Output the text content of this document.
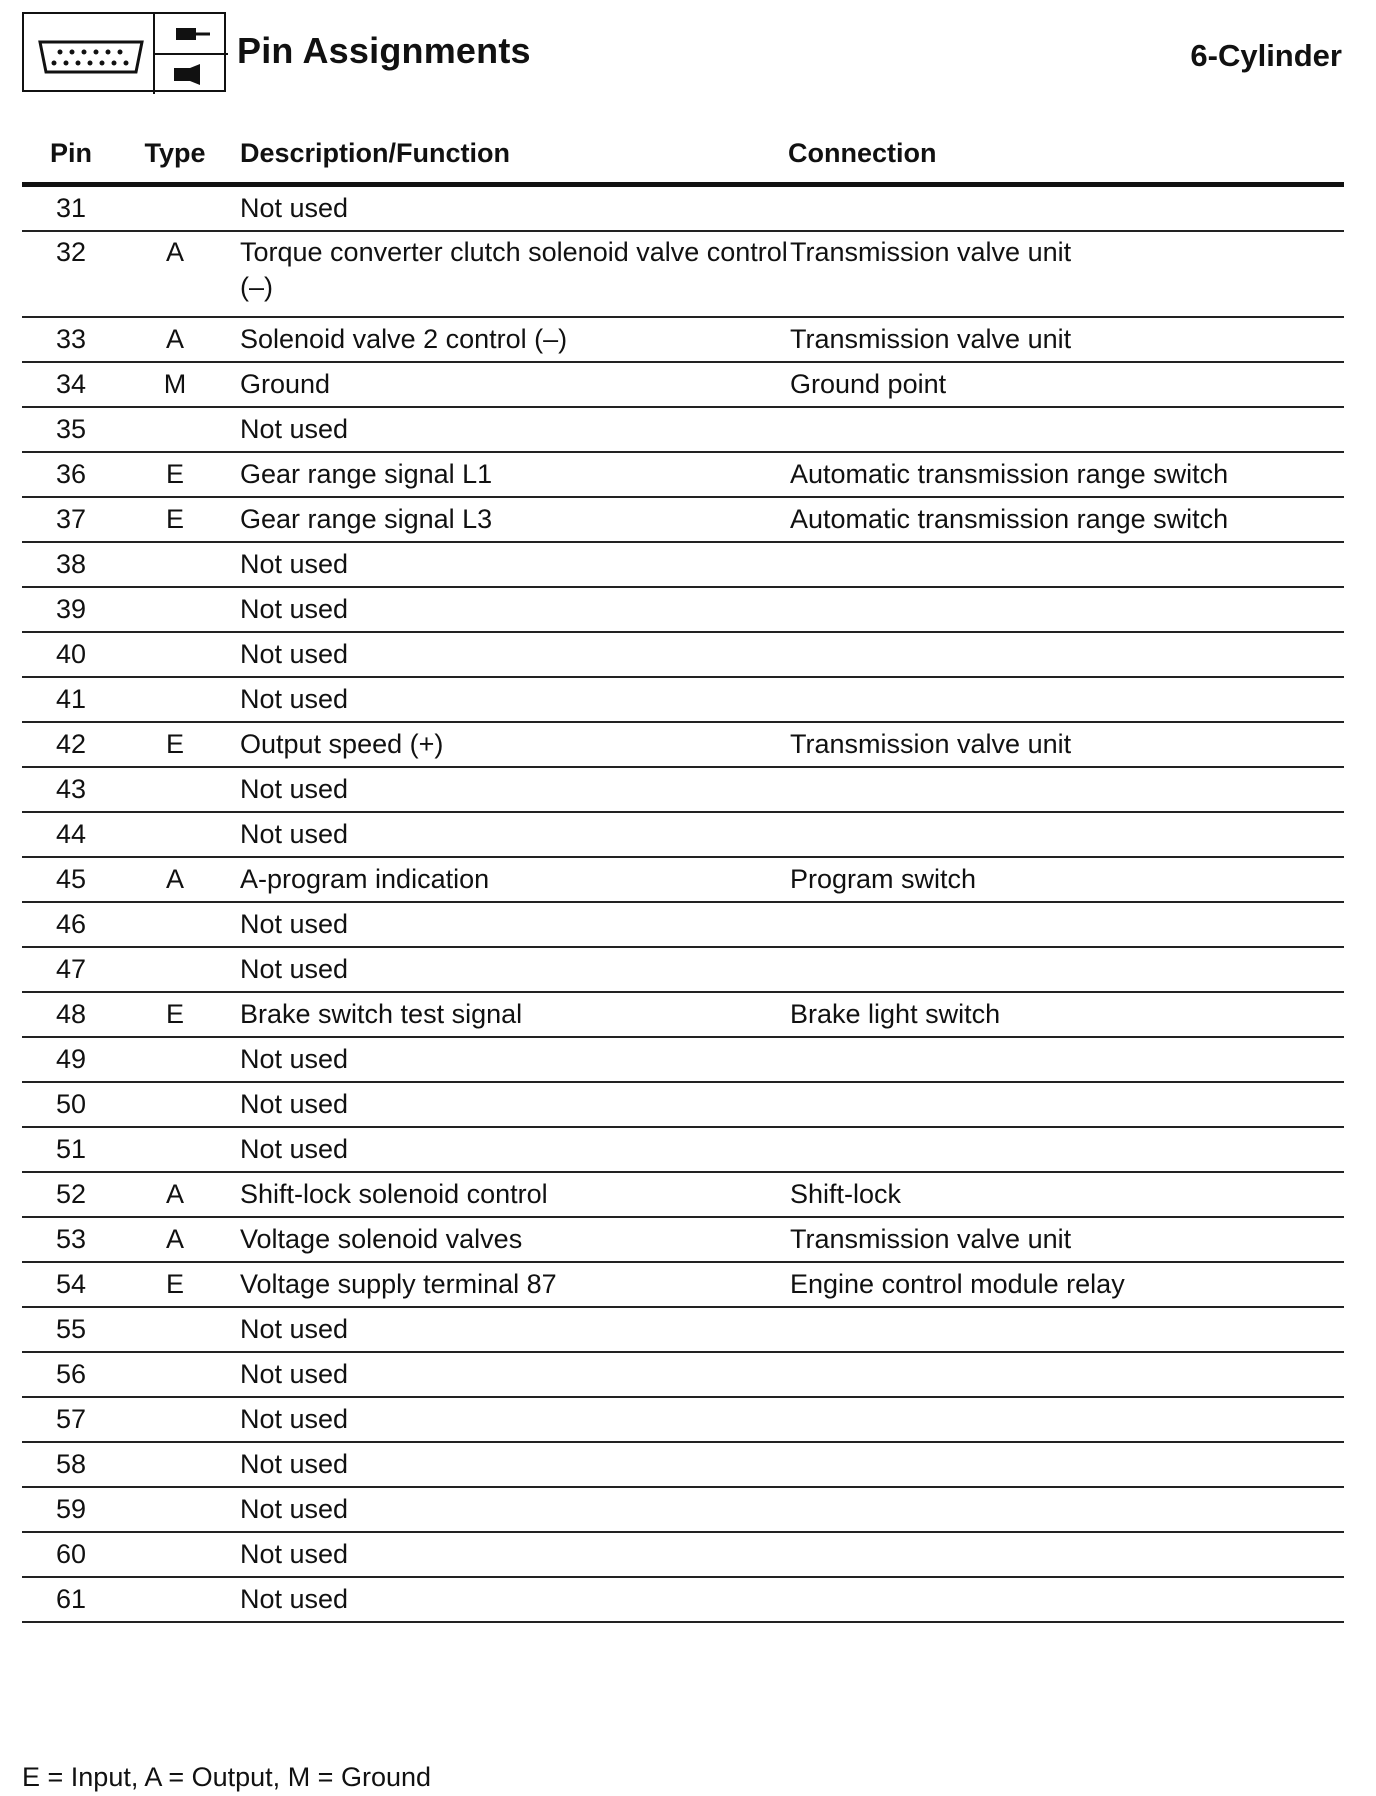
Pin Assignments	6-Cylinder
Pin	Type	Description/Function	Connection
31		Not used	
32	A	Torque converter clutch solenoid valve control (–)	Transmission valve unit
33	A	Solenoid valve 2 control (–)	Transmission valve unit
34	M	Ground	Ground point
35		Not used	
36	E	Gear range signal L1	Automatic transmission range switch
37	E	Gear range signal L3	Automatic transmission range switch
38		Not used	
39		Not used	
40		Not used	
41		Not used	
42	E	Output speed (+)	Transmission valve unit
43		Not used	
44		Not used	
45	A	A-program indication	Program switch
46		Not used	
47		Not used	
48	E	Brake switch test signal	Brake light switch
49		Not used	
50		Not used	
51		Not used	
52	A	Shift-lock solenoid control	Shift-lock
53	A	Voltage solenoid valves	Transmission valve unit
54	E	Voltage supply terminal 87	Engine control module relay
55		Not used	
56		Not used	
57		Not used	
58		Not used	
59		Not used	
60		Not used	
61		Not used	
E = Input, A = Output, M = Ground
